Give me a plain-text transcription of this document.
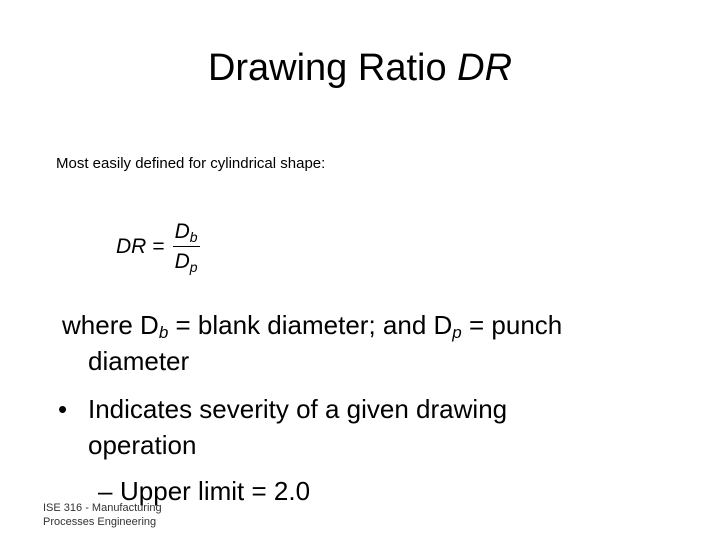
Drawing Ratio DR
Most easily defined for cylindrical shape:
DR = $\frac{D_b}{D_p}$
where $D_b$ = blank diameter; and $D_p$ = punch
diameter
• Indicates severity of a given drawing
operation
– Upper limit = 2.0
ISE 316 - Manufacturing
Processes Engineering
